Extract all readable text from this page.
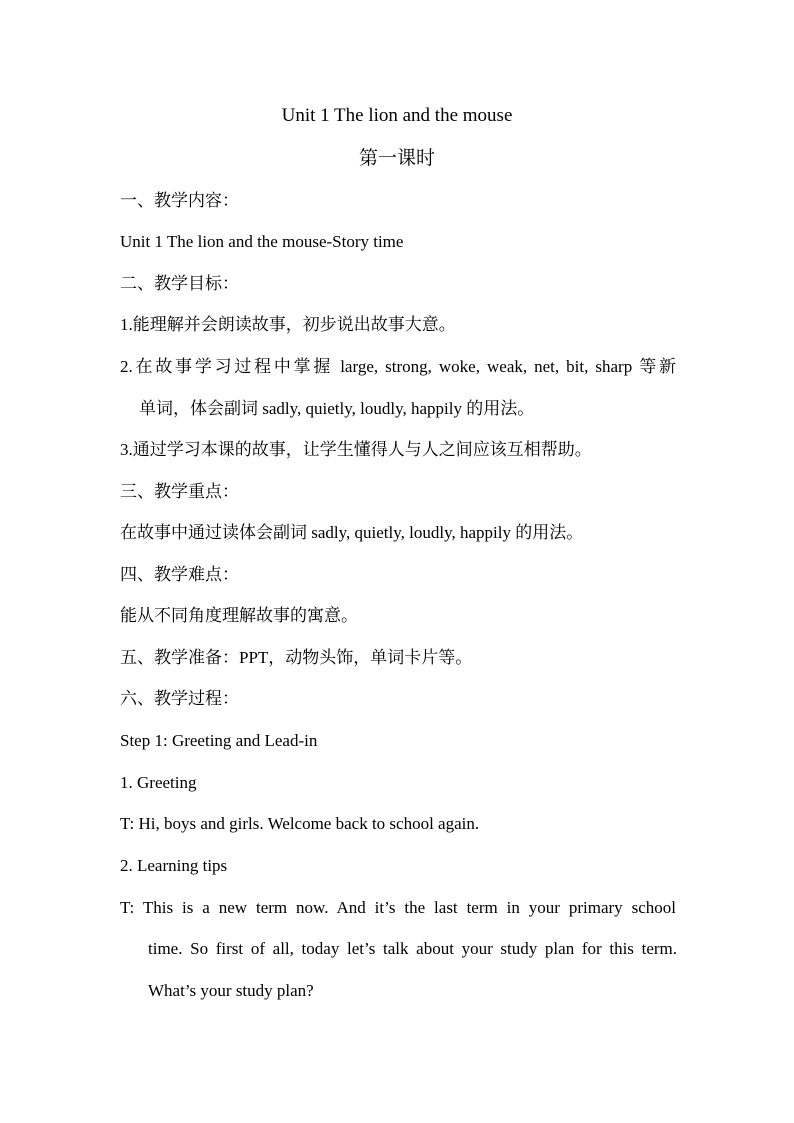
Unit 1 The lion and the mouse
第一课时
一、教学内容：
Unit 1 The lion and the mouse-Story time
二、教学目标：
1.能理解并会朗读故事，初步说出故事大意。
2.在故事学习过程中掌握 large, strong, woke, weak, net, bit, sharp 等新
单词，体会副词 sadly, quietly, loudly, happily 的用法。
3.通过学习本课的故事，让学生懂得人与人之间应该互相帮助。
三、教学重点：
在故事中通过读体会副词 sadly, quietly, loudly, happily 的用法。
四、教学难点：
能从不同角度理解故事的寓意。
五、教学准备：PPT，动物头饰，单词卡片等。
六、教学过程：
Step 1: Greeting and Lead-in
1. Greeting
T: Hi, boys and girls. Welcome back to school again.
2. Learning tips
T: This is a new term now. And it’s the last term in your primary school
time. So first of all, today let’s talk about your study plan for this term.
What’s your study plan?
